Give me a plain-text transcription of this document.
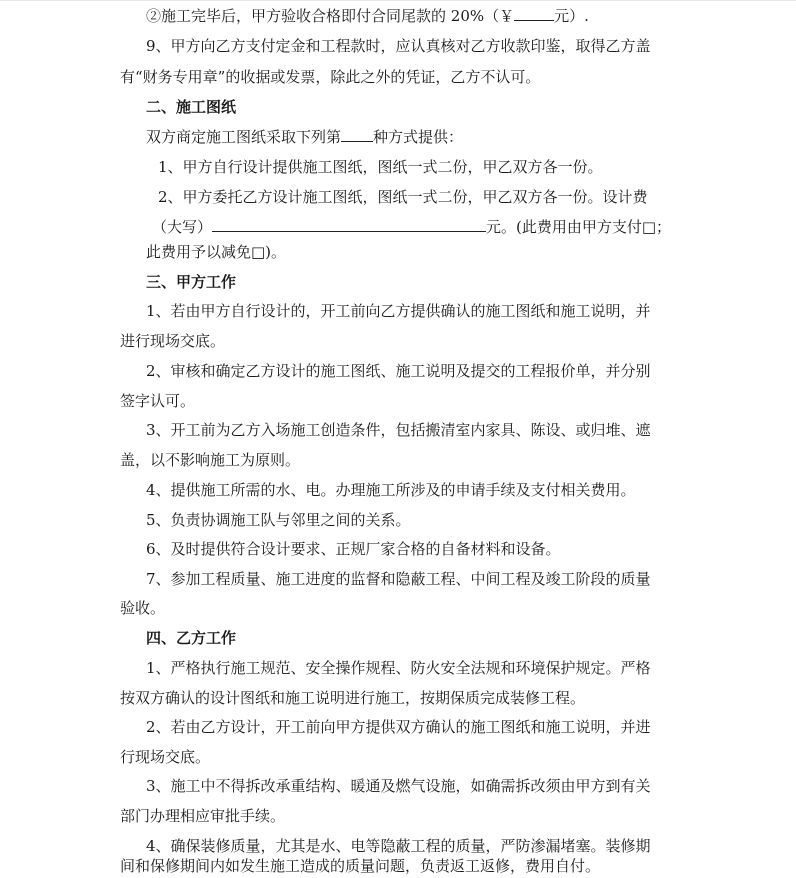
②施工完毕后，甲方验收合格即付合同尾款的 20%（￥	元）.
9、甲方向乙方支付定金和工程款时，应认真核对乙方收款印鉴，取得乙方盖
有“财务专用章”的收据或发票，除此之外的凭证，乙方不认可。
二、施工图纸
双方商定施工图纸采取下列第 种方式提供：
1、甲方自行设计提供施工图纸，图纸一式二份，甲乙双方各一份。
2、甲方委托乙方设计施工图纸，图纸一式二份，甲乙双方各一份。设计费
（大写）	元。(此费用由甲方支付□；
此费用予以减免□)。
三、甲方工作
1、若由甲方自行设计的，开工前向乙方提供确认的施工图纸和施工说明，并
进行现场交底。
2、审核和确定乙方设计的施工图纸、施工说明及提交的工程报价单，并分别
签字认可。
3、开工前为乙方入场施工创造条件，包括搬清室内家具、陈设、或归堆、遮
盖，以不影响施工为原则。
4、提供施工所需的水、电。办理施工所涉及的申请手续及支付相关费用。
5、负责协调施工队与邻里之间的关系。
6、及时提供符合设计要求、正规厂家合格的自备材料和设备。
7、参加工程质量、施工进度的监督和隐蔽工程、中间工程及竣工阶段的质量
验收。
四、乙方工作
1、严格执行施工规范、安全操作规程、防火安全法规和环境保护规定。严格
按双方确认的设计图纸和施工说明进行施工，按期保质完成装修工程。
2、若由乙方设计，开工前向甲方提供双方确认的施工图纸和施工说明，并进
行现场交底。
3、施工中不得拆改承重结构、暖通及燃气设施，如确需拆改须由甲方到有关
部门办理相应审批手续。
4、确保装修质量，尤其是水、电等隐蔽工程的质量，严防渗漏堵塞。装修期
间和保修期间内如发生施工造成的质量问题，负责返工返修，费用自付。
